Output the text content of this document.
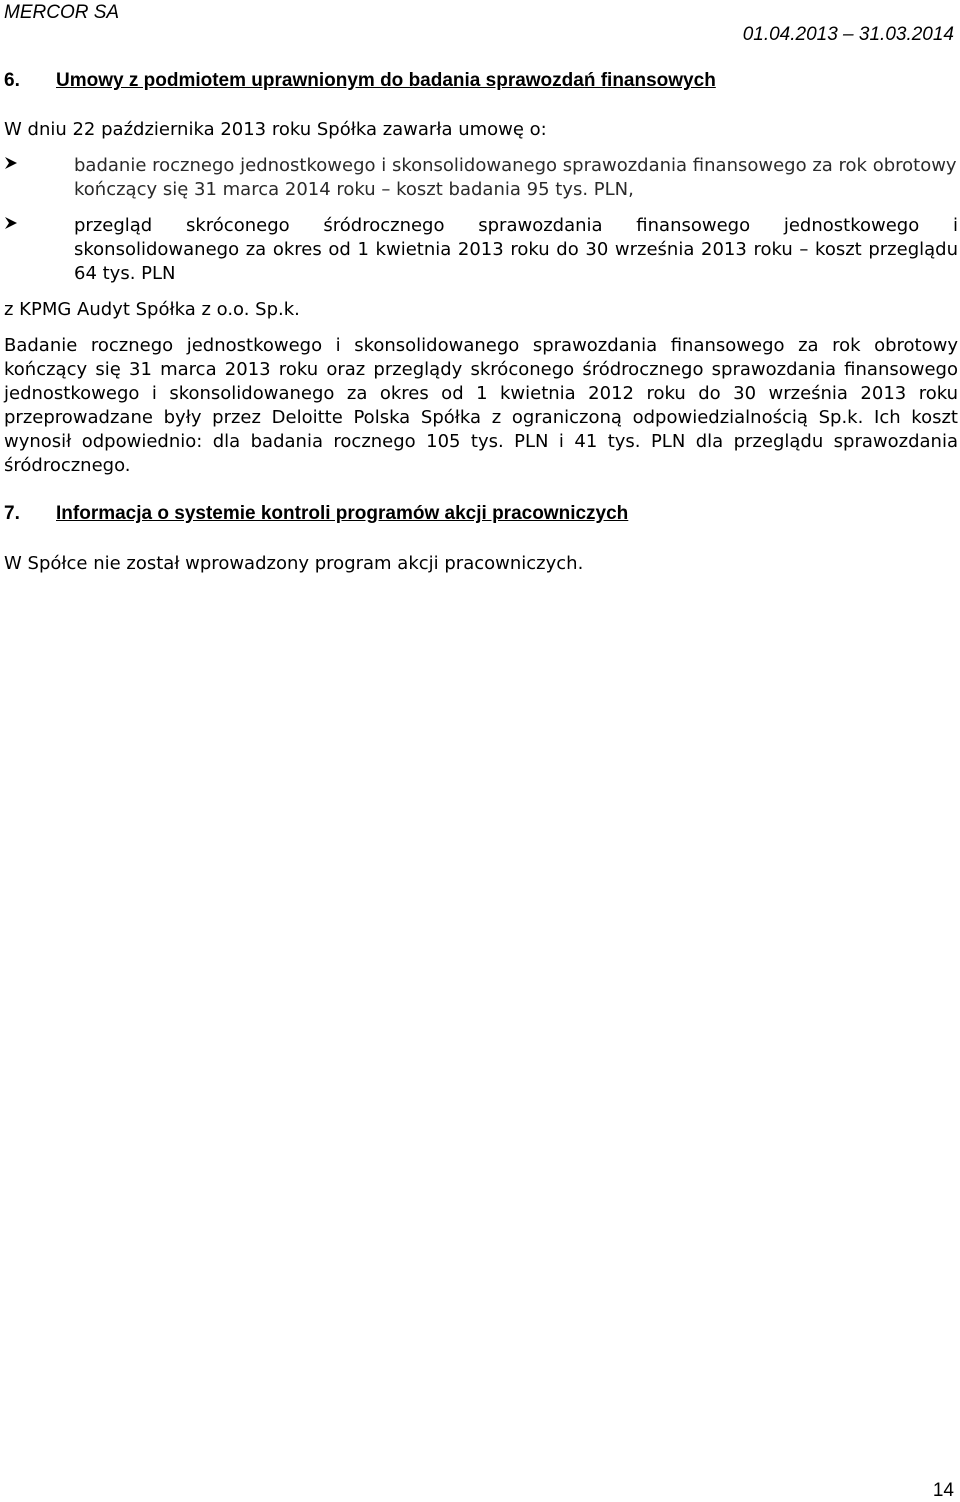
MERCOR SA
01.04.2013 – 31.03.2014
6. Umowy z podmiotem uprawnionym do badania sprawozdań finansowych
W dniu 22 października 2013 roku Spółka zawarła umowę o:
badanie rocznego jednostkowego i skonsolidowanego sprawozdania finansowego za rok obrotowy kończący się 31 marca 2014 roku – koszt badania 95 tys. PLN,
przegląd skróconego śródrocznego sprawozdania finansowego jednostkowego i skonsolidowanego za okres od 1 kwietnia 2013 roku do 30 września 2013 roku – koszt przeglądu 64 tys. PLN
z KPMG Audyt Spółka z o.o. Sp.k.
Badanie rocznego jednostkowego i skonsolidowanego sprawozdania finansowego za rok obrotowy kończący się 31 marca 2013 roku oraz przeglądy skróconego śródrocznego sprawozdania finansowego jednostkowego i skonsolidowanego za okres od 1 kwietnia 2012 roku do 30 września 2013 roku przeprowadzane były przez Deloitte Polska Spółka z ograniczoną odpowiedzialnością Sp.k. Ich koszt wynosił odpowiednio: dla badania rocznego 105 tys. PLN i 41 tys. PLN dla przeglądu sprawozdania śródrocznego.
7. Informacja o systemie kontroli programów akcji pracowniczych
W Spółce nie został wprowadzony program akcji pracowniczych.
14
